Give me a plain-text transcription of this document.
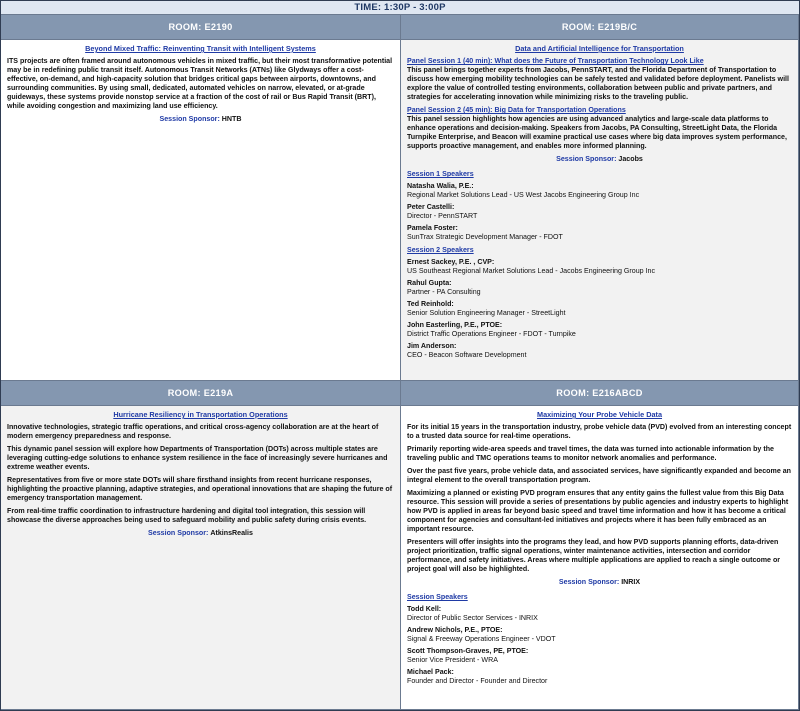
TIME: 1:30P - 3:00P
ROOM: E2190
Beyond Mixed Traffic: Reinventing Transit with Intelligent Systems

ITS projects are often framed around autonomous vehicles in mixed traffic, but their most transformative potential may be in redefining public transit itself. Autonomous Transit Networks (ATNs) like Glydways offer a cost-effective, on-demand, and high-capacity solution that bridges critical gaps between airports, downtowns, and surrounding communities. By using small, dedicated, automated vehicles on narrow, elevated, or at-grade guideways, these systems provide nonstop service at a fraction of the cost of rail or Bus Rapid Transit (BRT), while avoiding congestion and maximizing land use efficiency.

Session Sponsor: HNTB
ROOM: E219B/C
Data and Artificial Intelligence for Transportation
Panel Session 1 (40 min): What does the Future of Transportation Technology Look Like

This panel brings together experts from Jacobs, PennSTART, and the Florida Department of Transportation to discuss how emerging mobility technologies can be safely tested and validated before deployment. Panelists will explore the value of controlled testing environments, collaboration between public and private partners, and strategies for accelerating innovation while minimizing risks to the traveling public.

Panel Session 2 (45 min): Big Data for Transportation Operations

This panel session highlights how agencies are using advanced analytics and large-scale data platforms to enhance operations and decision-making. Speakers from Jacobs, PA Consulting, StreetLight Data, the Florida Turnpike Enterprise, and Beacon will examine practical use cases where big data improves system performance, supports proactive management, and enables more informed planning.

Session Sponsor: Jacobs
Session 1 Speakers
Natasha Walia, P.E.:
Regional Market Solutions Lead - US West Jacobs Engineering Group Inc
Peter Castelli:
Director - PennSTART
Pamela Foster:
SunTrax Strategic Development Manager - FDOT
Session 2 Speakers
Ernest Sackey, P.E. , CVP:
US Southeast Regional Market Solutions Lead - Jacobs Engineering Group Inc
Rahul Gupta:
Partner - PA Consulting
Ted Reinhold:
Senior Solution Engineering Manager - StreetLight
John Easterling, P.E., PTOE:
District Traffic Operations Engineer - FDOT - Turnpike
Jim Anderson:
CEO - Beacon Software Development
ROOM: E219A
Hurricane Resiliency in Transportation Operations

Innovative technologies, strategic traffic operations, and critical cross-agency collaboration are at the heart of modern emergency preparedness and response.

This dynamic panel session will explore how Departments of Transportation (DOTs) across multiple states are leveraging cutting-edge solutions to enhance system resilience in the face of increasingly severe hurricanes and extreme weather events.

Representatives from five or more state DOTs will share firsthand insights from recent hurricane responses, highlighting the proactive planning, adaptive strategies, and operational innovations that are shaping the future of emergency transportation management.

From real-time traffic coordination to infrastructure hardening and digital tool integration, this session will showcase the diverse approaches being used to safeguard mobility and public safety during crisis events.

Session Sponsor: AtkinsRealis
ROOM: E216ABCD
Maximizing Your Probe Vehicle Data

For its initial 15 years in the transportation industry, probe vehicle data (PVD) evolved from an interesting concept to a trusted data source for real-time operations.

Primarily reporting wide-area speeds and travel times, the data was turned into actionable information by the traveling public and TMC operations teams to monitor network anomalies and performance.

Over the past five years, probe vehicle data, and associated services, have significantly expanded and become an integral element to the overall transportation program.

Maximizing a planned or existing PVD program ensures that any entity gains the fullest value from this Big Data resource. This session will provide a series of presentations by public agencies and industry experts to highlight how PVD is applied in areas far beyond basic speed and travel time information and how it has become a critical component for agencies and consultant-led initiatives and projects where it has been fully embraced as an important resource.

Presenters will offer insights into the programs they lead, and how PVD supports planning efforts, data-driven project prioritization, traffic signal operations, winter maintenance activities, intersection and corridor performance, and safety initiatives. Areas where multiple applications are applied to reach a single outcome or project goal will also be highlighted.

Session Sponsor: INRIX
Session Speakers
Todd Kell:
Director of Public Sector Services - INRIX
Andrew Nichols, P.E., PTOE:
Signal & Freeway Operations Engineer - VDOT
Scott Thompson-Graves, PE, PTOE:
Senior Vice President - WRA
Michael Pack:
Founder and Director - Founder and Director
